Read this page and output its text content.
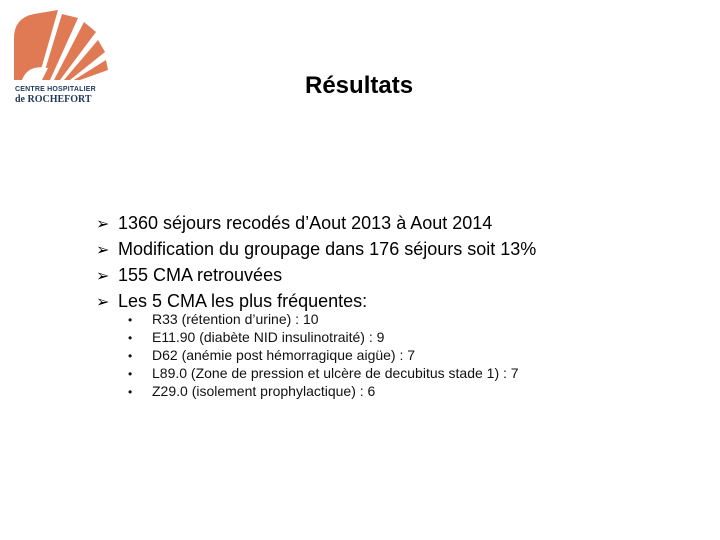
CENTRE HOSPITALIER
de ROCHEFORT
Résultats
➢ 1360 séjours recodés d’Aout 2013 à Aout 2014
➢ Modification du groupage dans 176 séjours soit 13%
➢ 155 CMA retrouvées
➢ Les 5 CMA les plus fréquentes:
•	R33 (rétention d’urine) : 10
•	E11.90 (diabète NID insulinotraité) : 9
•	D62 (anémie post hémorragique aigüe) : 7
•	L89.0 (Zone de pression et ulcère de decubitus stade 1) : 7
•	Z29.0 (isolement prophylactique) : 6
